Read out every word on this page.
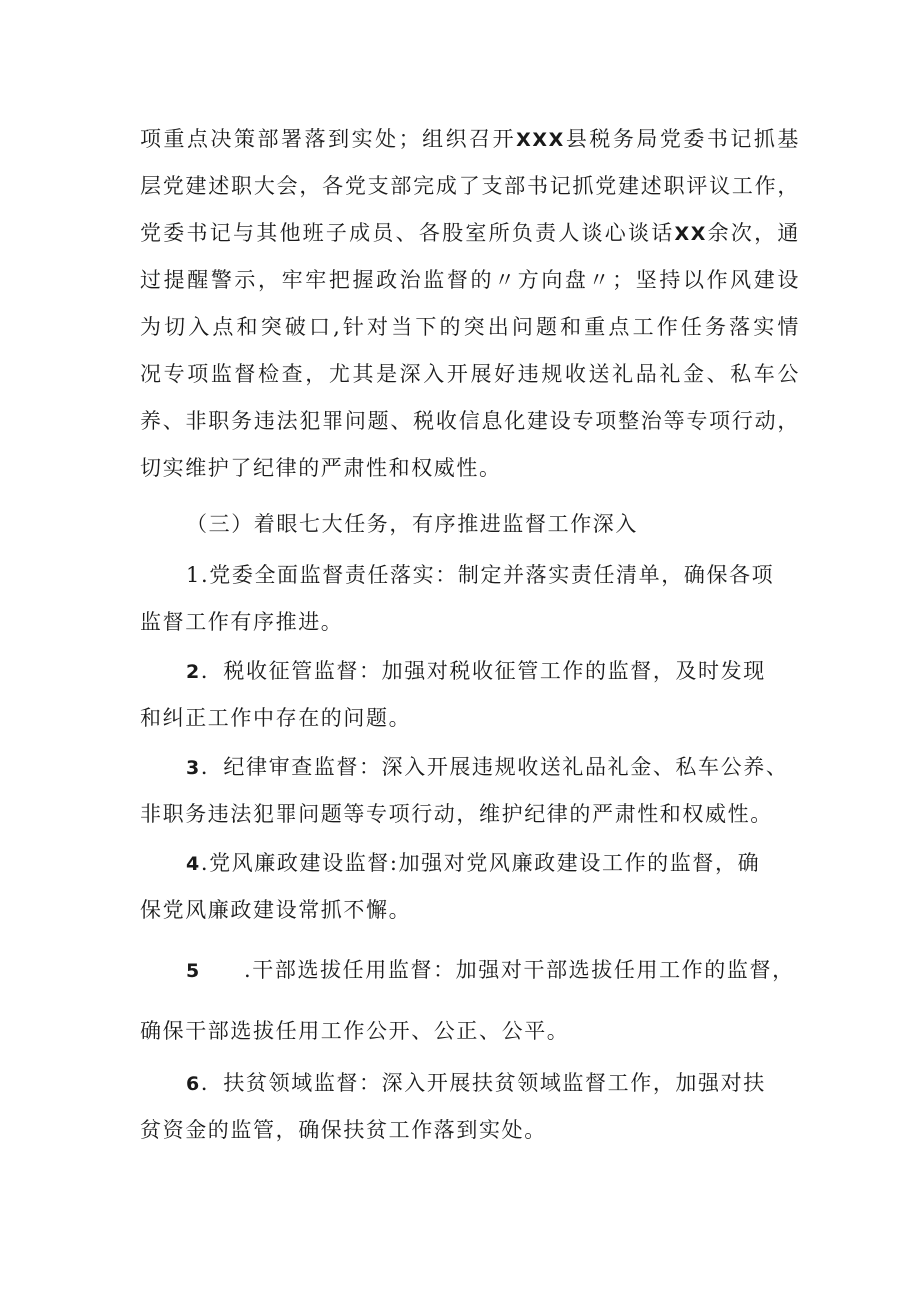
项重点决策部署落到实处；组织召开XXX县税务局党委书记抓基
层党建述职大会，各党支部完成了支部书记抓党建述职评议工作，
党委书记与其他班子成员、各股室所负责人谈心谈话XX余次，通
过提醒警示，牢牢把握政治监督的〃方向盘〃；坚持以作风建设
为切入点和突破口,针对当下的突出问题和重点工作任务落实情
况专项监督检查，尤其是深入开展好违规收送礼品礼金、私车公
养、非职务违法犯罪问题、税收信息化建设专项整治等专项行动，
切实维护了纪律的严肃性和权威性。
（三）着眼七大任务，有序推进监督工作深入
1.党委全面监督责任落实：制定并落实责任清单，确保各项
监督工作有序推进。
2．税收征管监督：加强对税收征管工作的监督，及时发现
和纠正工作中存在的问题。
3．纪律审查监督：深入开展违规收送礼品礼金、私车公养、
非职务违法犯罪问题等专项行动，维护纪律的严肃性和权威性。
4.党风廉政建设监督:加强对党风廉政建设工作的监督，确
保党风廉政建设常抓不懈。
5 .干部选拔任用监督：加强对干部选拔任用工作的监督，
确保干部选拔任用工作公开、公正、公平。
6．扶贫领域监督：深入开展扶贫领域监督工作，加强对扶
贫资金的监管，确保扶贫工作落到实处。
